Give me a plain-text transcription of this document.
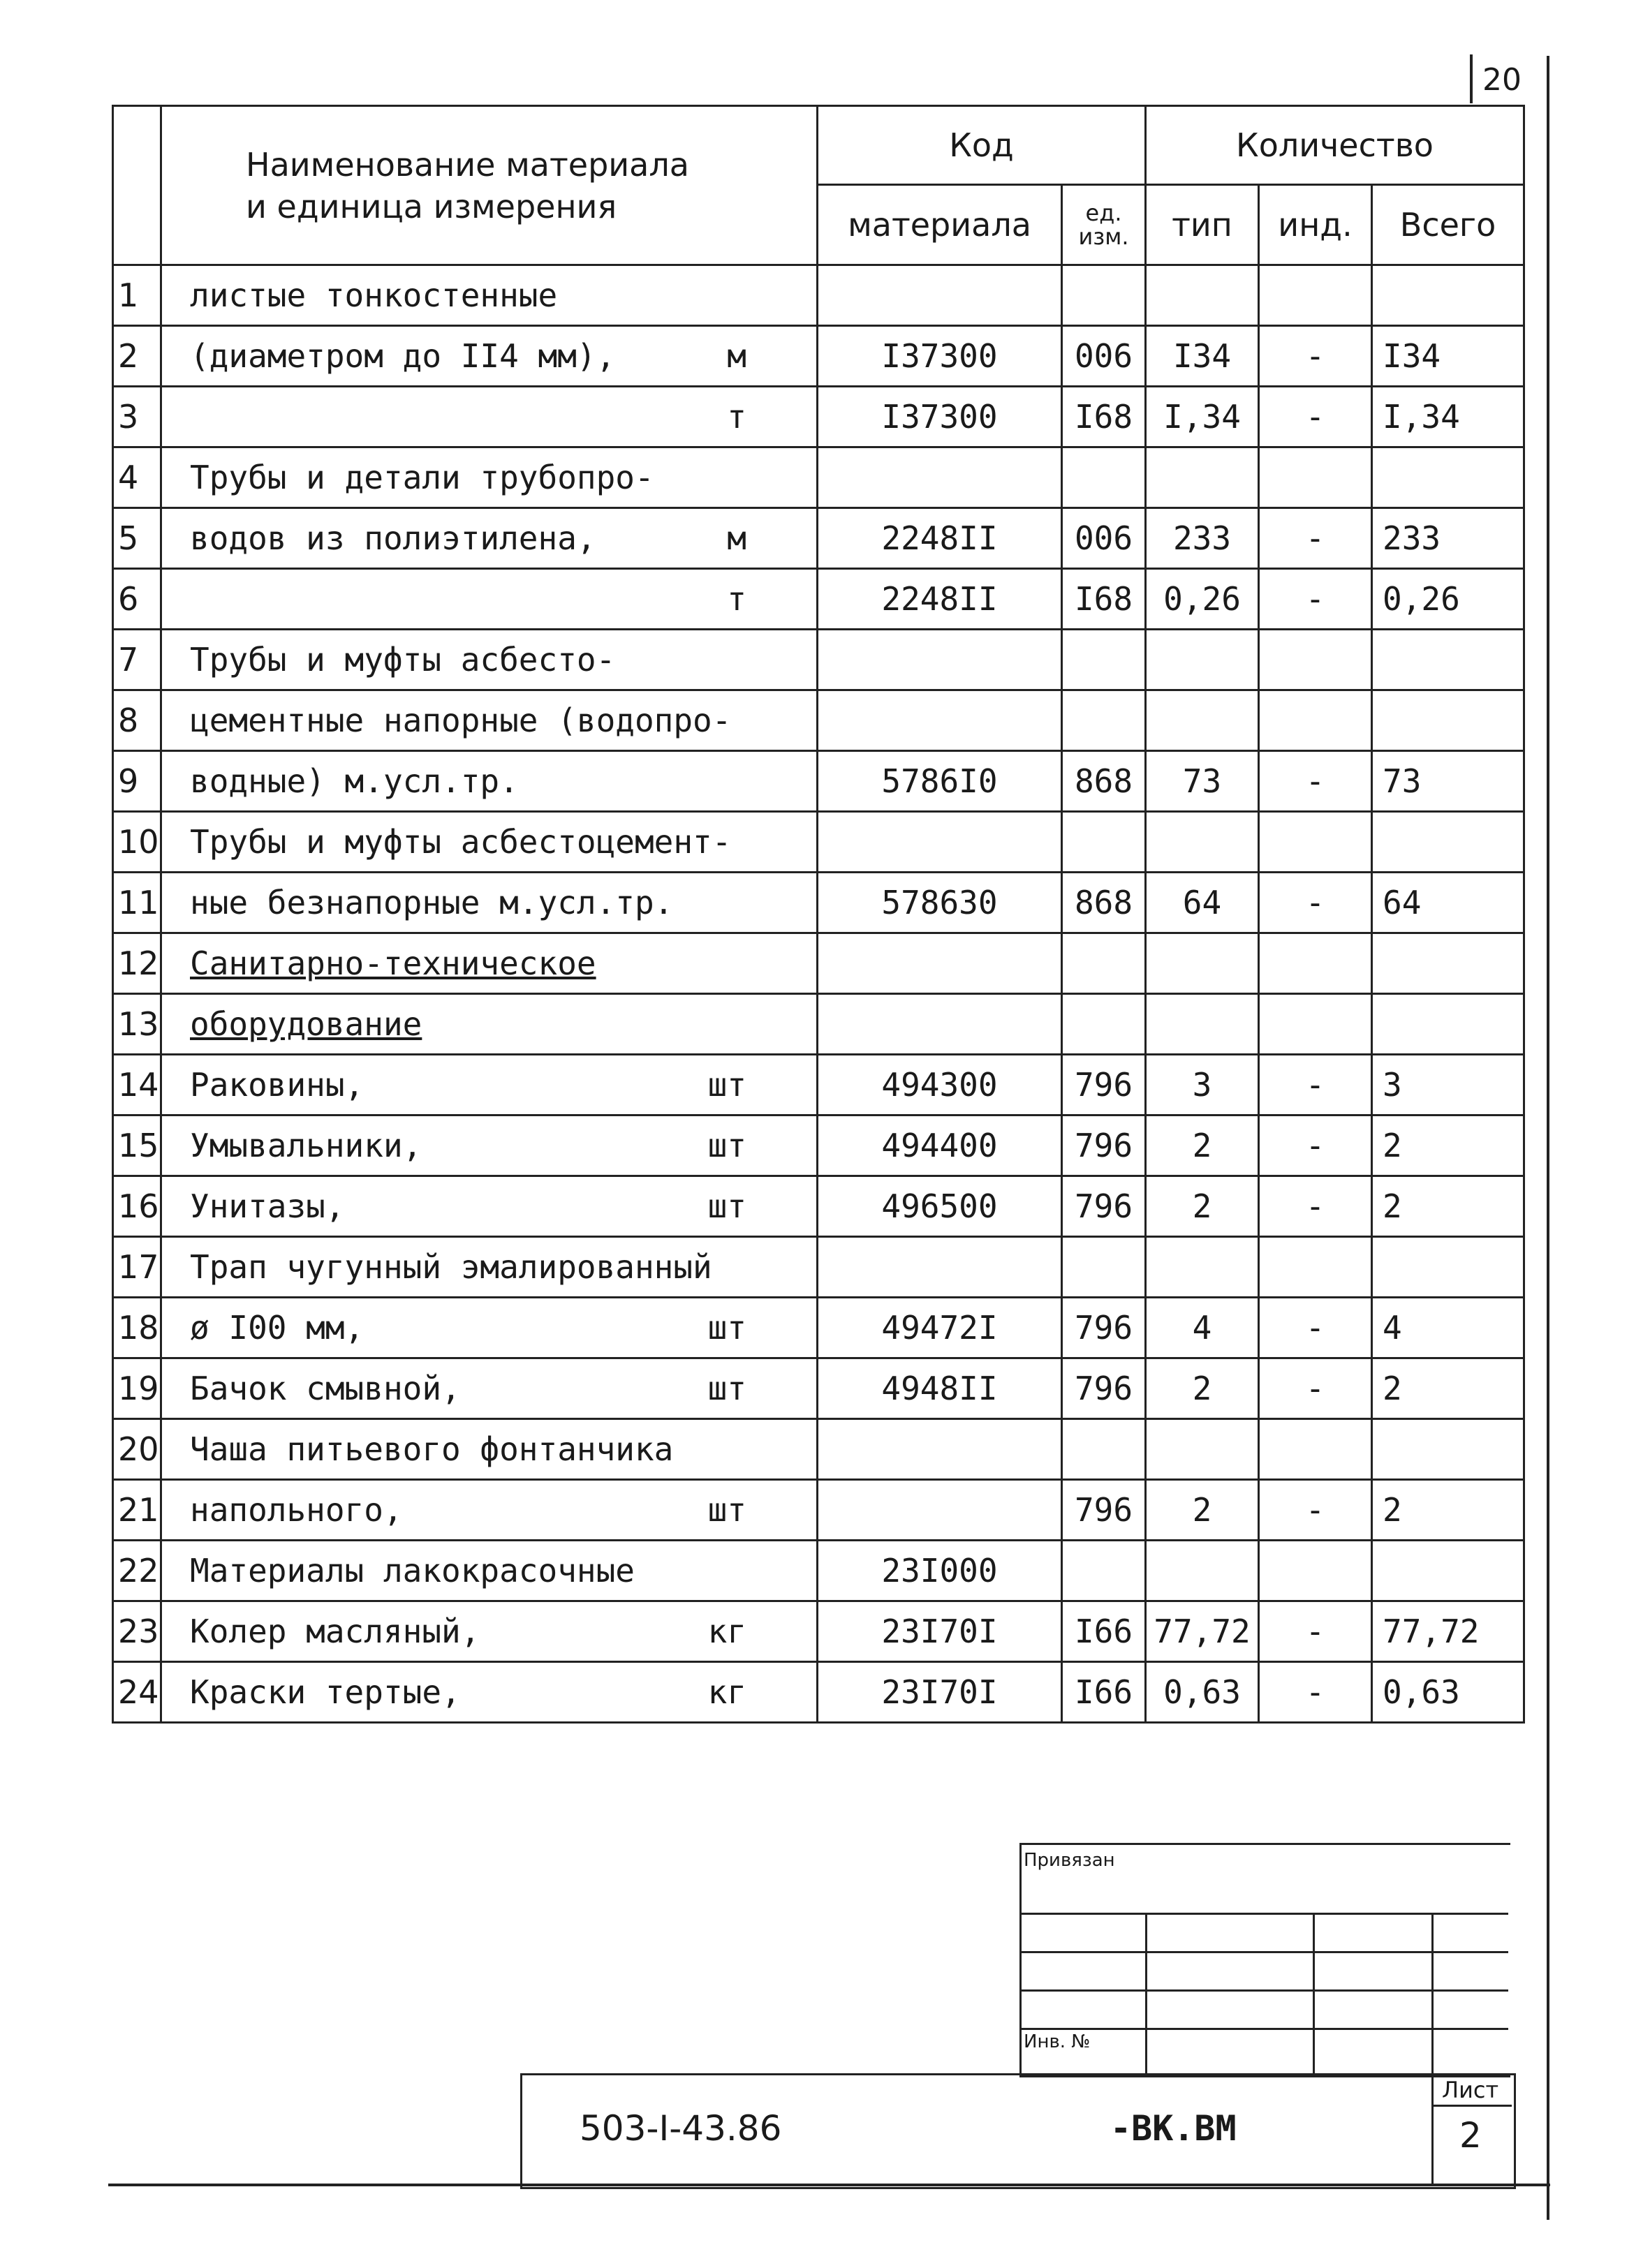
20
	Наименование материала
и единица измерения	Код		Количество		
		материала	ед. изм.	тип	инд.	Всего
1	листые тонкостенные

2	(диаметром до II4 мм), м	I37300	006	I34	-	I34
3	т	I37300	I68	I,34	-	I,34
4	Трубы и детали трубопро-

5	водов из полиэтилена, м	2248II	006	233	-	233
6	т	2248II	I68	0,26	-	0,26
7	Трубы и муфты асбесто-

8	цементные напорные (водопро-

9	водные) м.усл.тр.	5786I0	868	73	-	73
10	Трубы и муфты асбестоцемент-

11	ные безнапорные м.усл.тр.	578630	868	64	-	64
12	Санитарно-техническое

13	оборудование

14	Раковины, шт	494300	796	3	-	3
15	Умывальники, шт	494400	796	2	-	2
16	Унитазы, шт	496500	796	2	-	2
17	Трап чугунный эмалированный

18	ø I00 мм, шт	49472I	796	4	-	4
19	Бачок смывной, шт	4948II	796	2	-	2
20	Чаша питьевого фонтанчика

21	напольного, шт		796	2	-	2
22	Материалы лакокрасочные	23I000				
23	Колер масляный, кг	23I70I	I66	77,72	-	77,72
24	Краски тертые, кг	23I70I	I66	0,63	-	0,63
Привязан
Инв. №
503-I-43.86	-ВК.ВМ
Лист
2
